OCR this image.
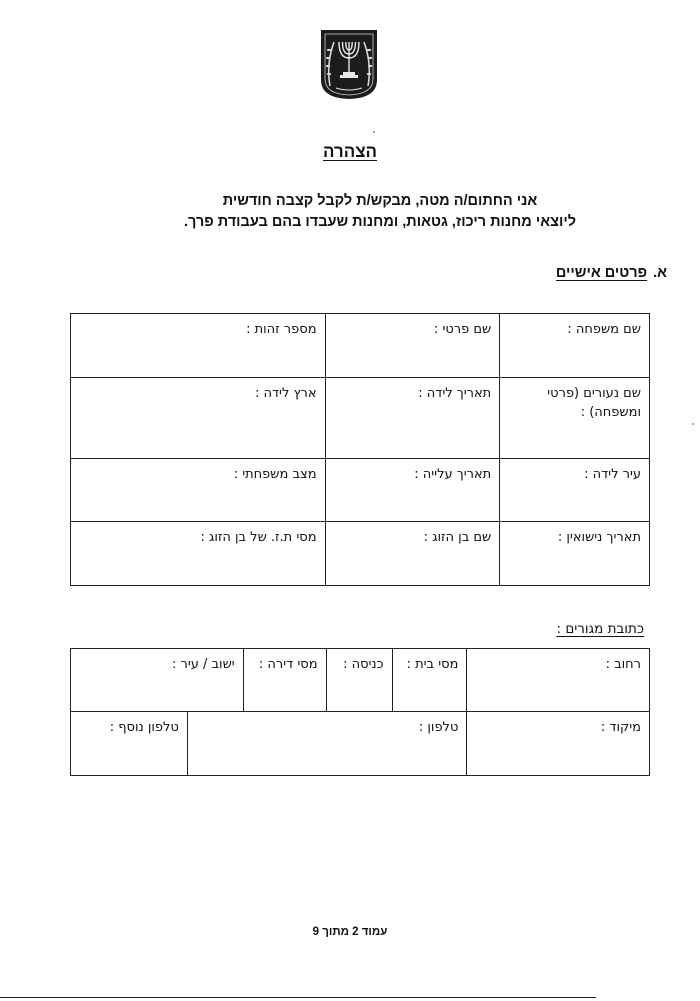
הצהרה
אני החתום/ה מטה, מבקש/ת לקבל קצבה חודשית
ליוצאי מחנות ריכוז, גטאות, ומחנות שעבדו בהם בעבודת פרך.
א.פרטים אישיים
שם משפחה :	שם פרטי :	מספר זהות :
שם נעורים (פרטי ומשפחה) :	תאריך לידה :	ארץ לידה :
עיר לידה :	תאריך עלייה :	מצב משפחתי :
תאריך נישואין :	שם בן הזוג :	מסי ת.ז. של בן הזוג :
כתובת מגורים :
רחוב :	מסי בית :	כניסה :	מסי דירה :	ישוב / עיר :	
מיקוד :	טלפון :				טלפון נוסף :
עמוד 2 מתוך 9
